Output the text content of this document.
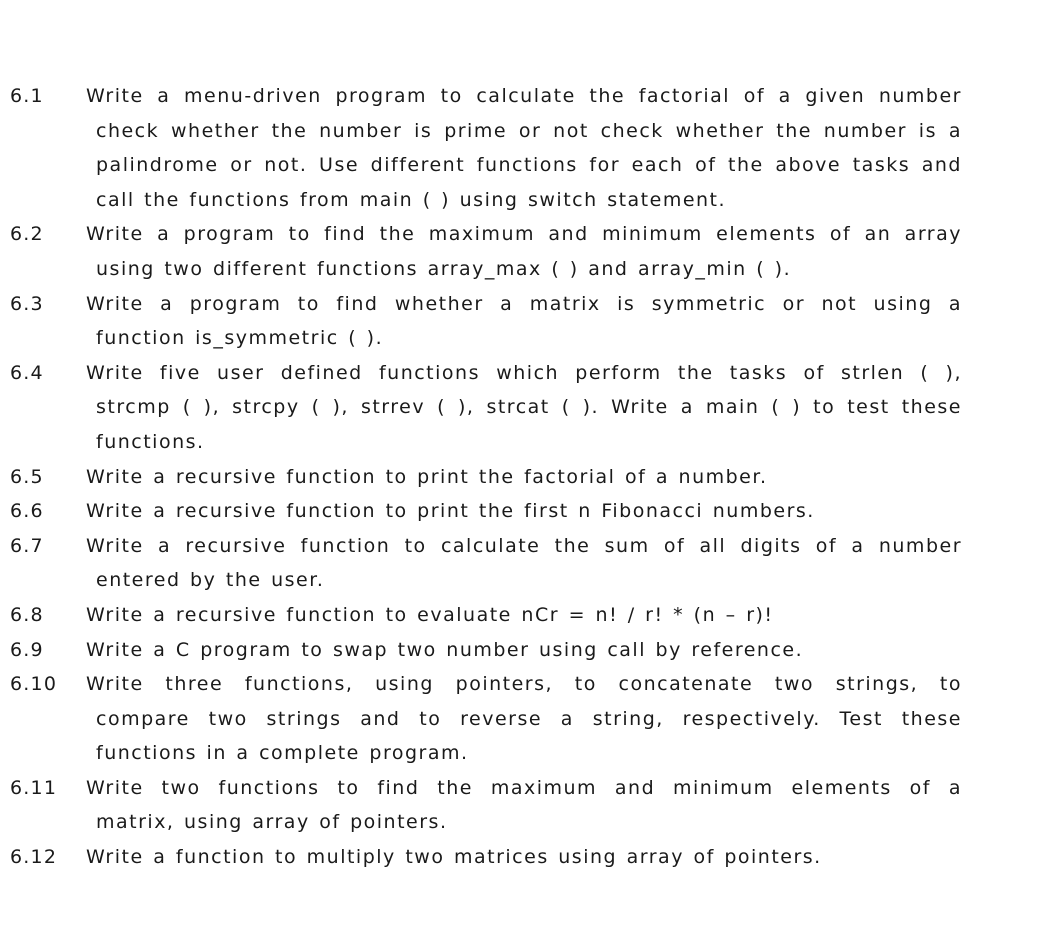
6.1 Write a menu-driven program to calculate the factorial of a given number
check whether the number is prime or not check whether the number is a
palindrome or not. Use different functions for each of the above tasks and
call the functions from main ( ) using switch statement.
6.2 Write a program to find the maximum and minimum elements of an array
using two different functions array_max ( ) and array_min ( ).
6.3 Write a program to find whether a matrix is symmetric or not using a
function is_symmetric ( ).
6.4 Write five user defined functions which perform the tasks of strlen ( ),
strcmp ( ), strcpy ( ), strrev ( ), strcat ( ). Write a main ( ) to test these
functions.
6.5 Write a recursive function to print the factorial of a number.
6.6 Write a recursive function to print the first n Fibonacci numbers.
6.7 Write a recursive function to calculate the sum of all digits of a number
entered by the user.
6.8 Write a recursive function to evaluate nCr = n! / r! * (n – r)!
6.9 Write a C program to swap two number using call by reference.
6.10 Write three functions, using pointers, to concatenate two strings, to
compare two strings and to reverse a string, respectively. Test these
functions in a complete program.
6.11 Write two functions to find the maximum and minimum elements of a
matrix, using array of pointers.
6.12 Write a function to multiply two matrices using array of pointers.
